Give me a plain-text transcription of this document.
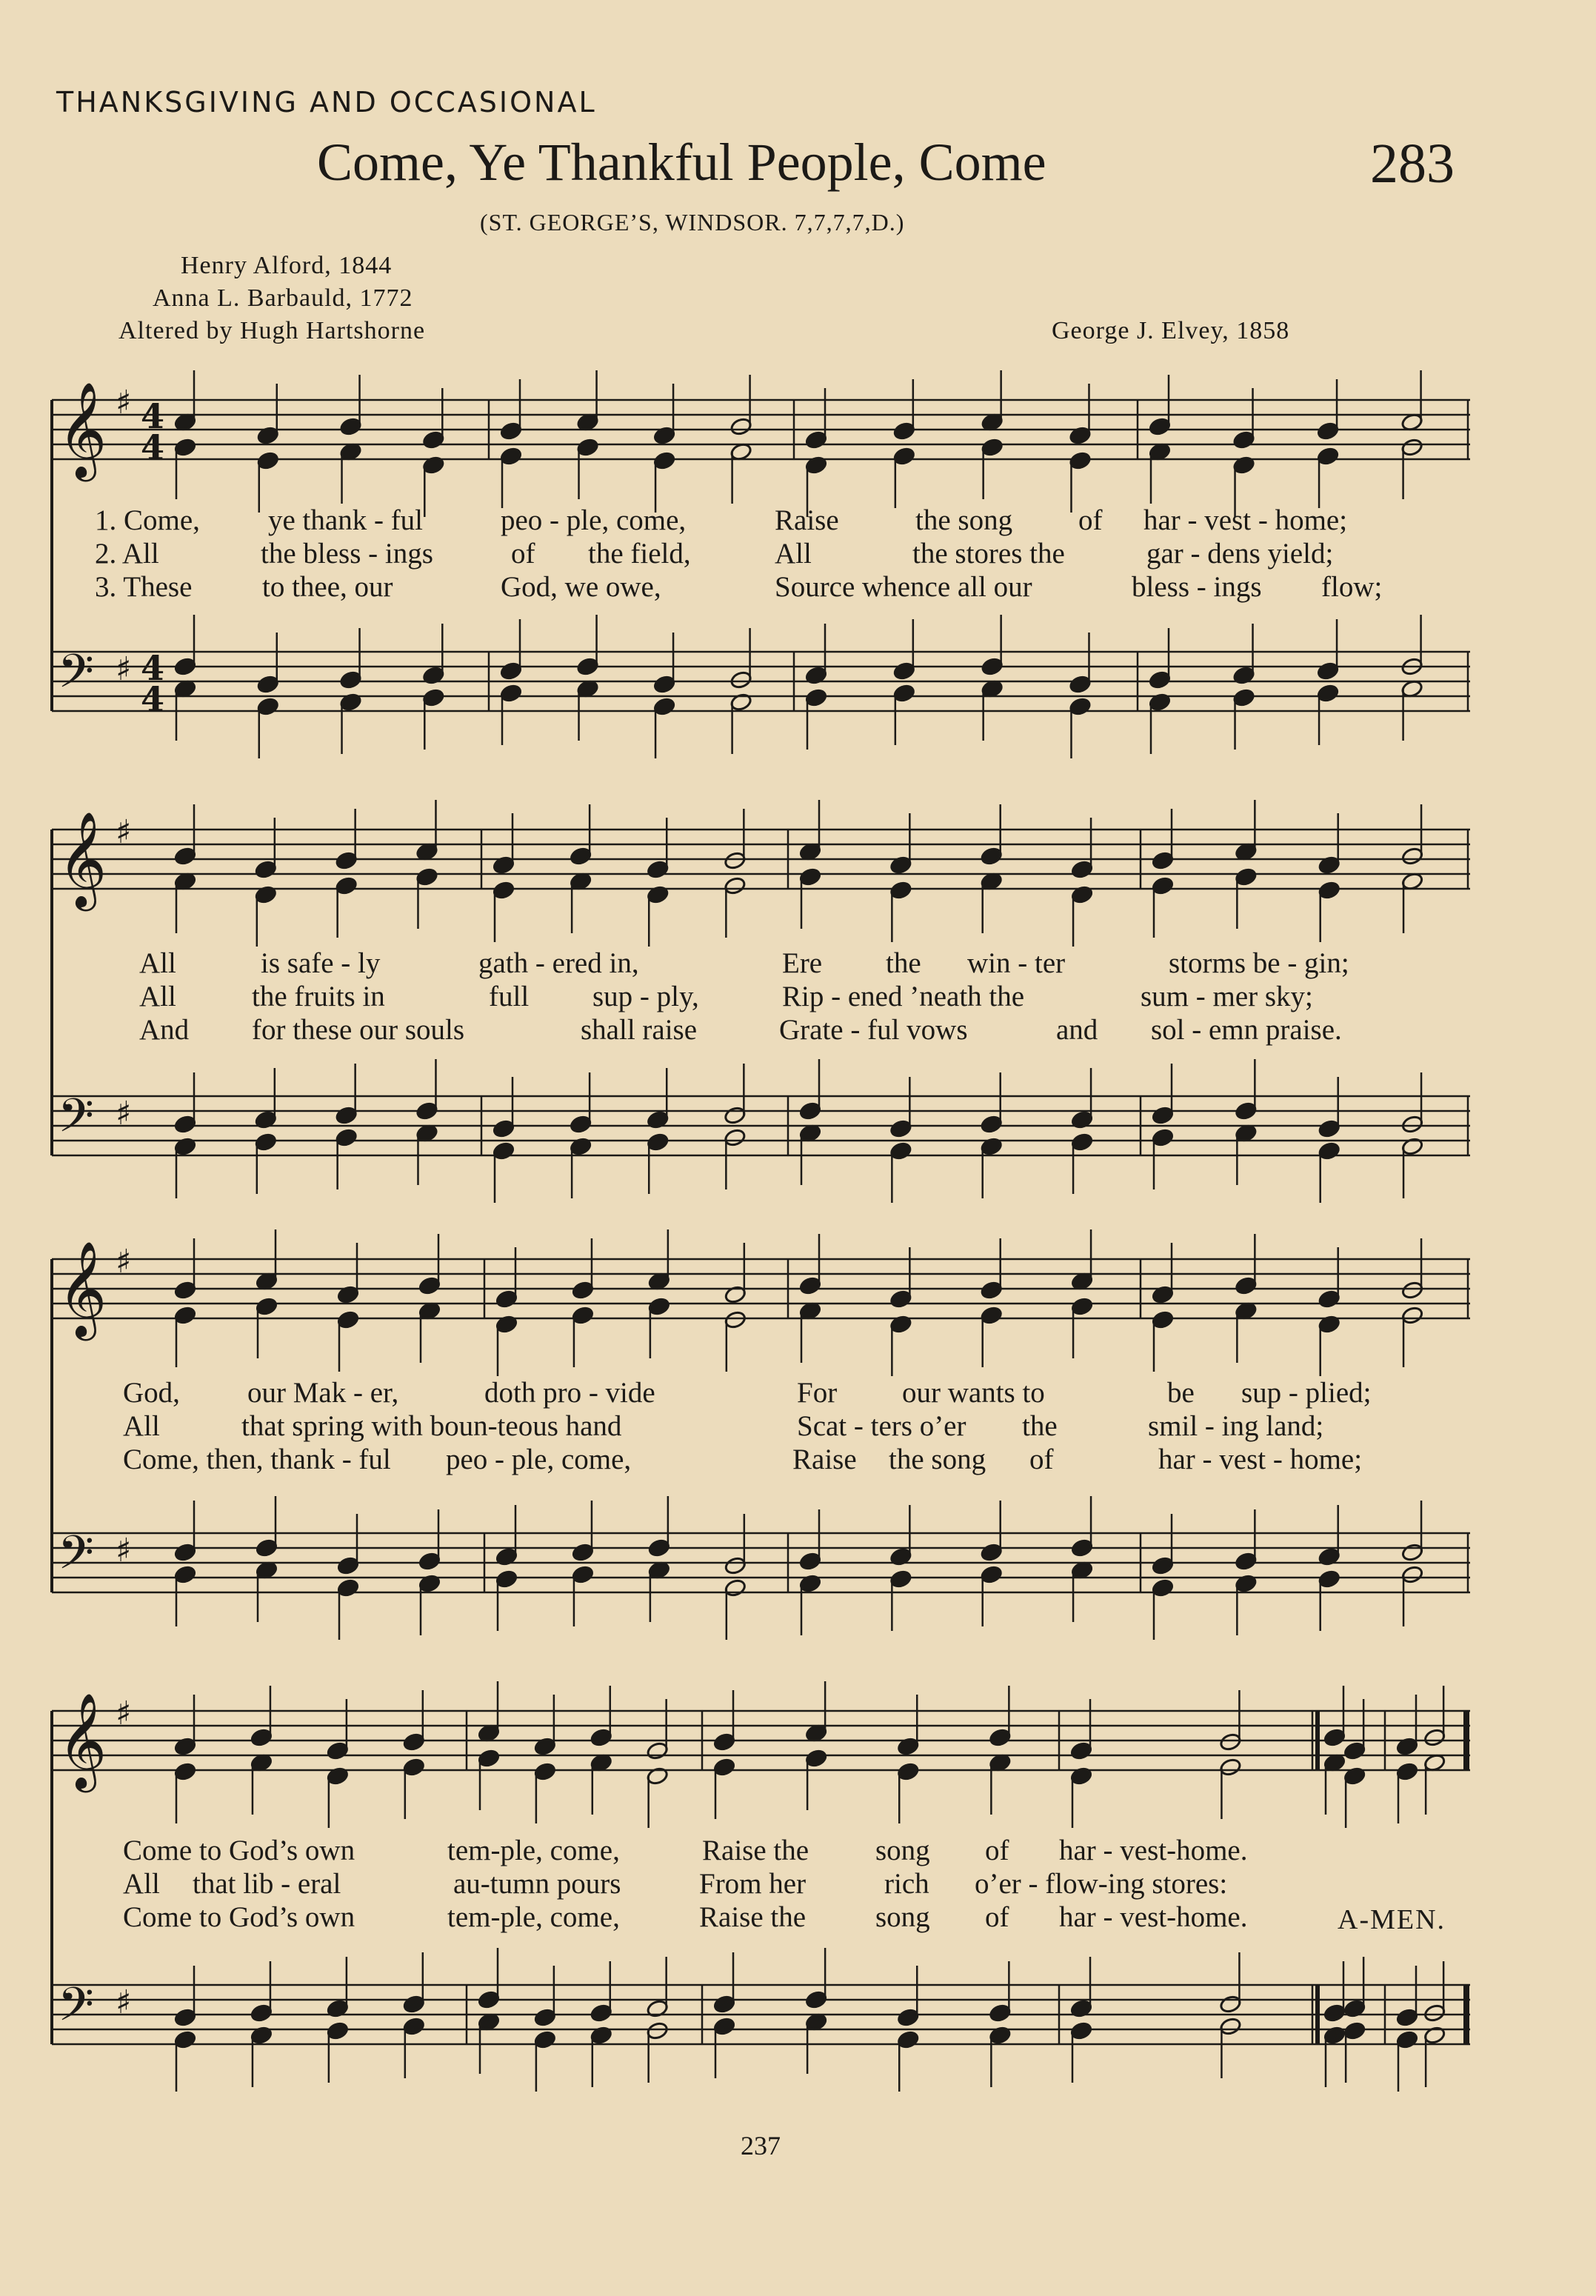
THANKSGIVING AND OCCASIONAL
Come, Ye Thankful People, Come	283
(ST. GEORGE’S, WINDSOR. 7,7,7,7,D.)
Henry Alford, 1844
Anna L. Barbauld, 1772
Altered by Hugh Hartshorne	George J. Elvey, 1858
𝄞 ♯ 4
4
𝄢 ♯ 4
4
𝄞 ♯
𝄢 ♯
𝄞 ♯
𝄢 ♯
𝄞 ♯
𝄢 ♯
1. Come, ye thank - ful	peo - ple, come,	Raise	the song of har - vest - home;
2. All	the bless - ings	of the field,	All	the stores the	gar - dens yield;
3. These to thee, our	God, we owe,	Source whence all our	bless - ings flow;
All	is safe - ly	gath - ered in,	Ere the win - ter	storms be - gin;
All	the fruits in	full sup - ply,	Rip - ened ’neath the	sum - mer sky;
And for these our souls	shall raise	Grate - ful vows	and sol - emn praise.
God, our Mak - er,	doth pro - vide	For our wants to	be sup - plied;
All	that spring with boun-teous hand	Scat - ters o’er the	smil - ing land;
Come, then, thank - ful peo - ple, come,	Raise the song of	har - vest - home;
Come to God’s own	tem-ple, come,	Raise the song of har - vest-home.
All that lib - eral	au-tumn pours	From her	rich o’er - flow-ing stores:
Come to God’s own	tem-ple, come,	Raise the song of har - vest-home.	A-MEN.
237
